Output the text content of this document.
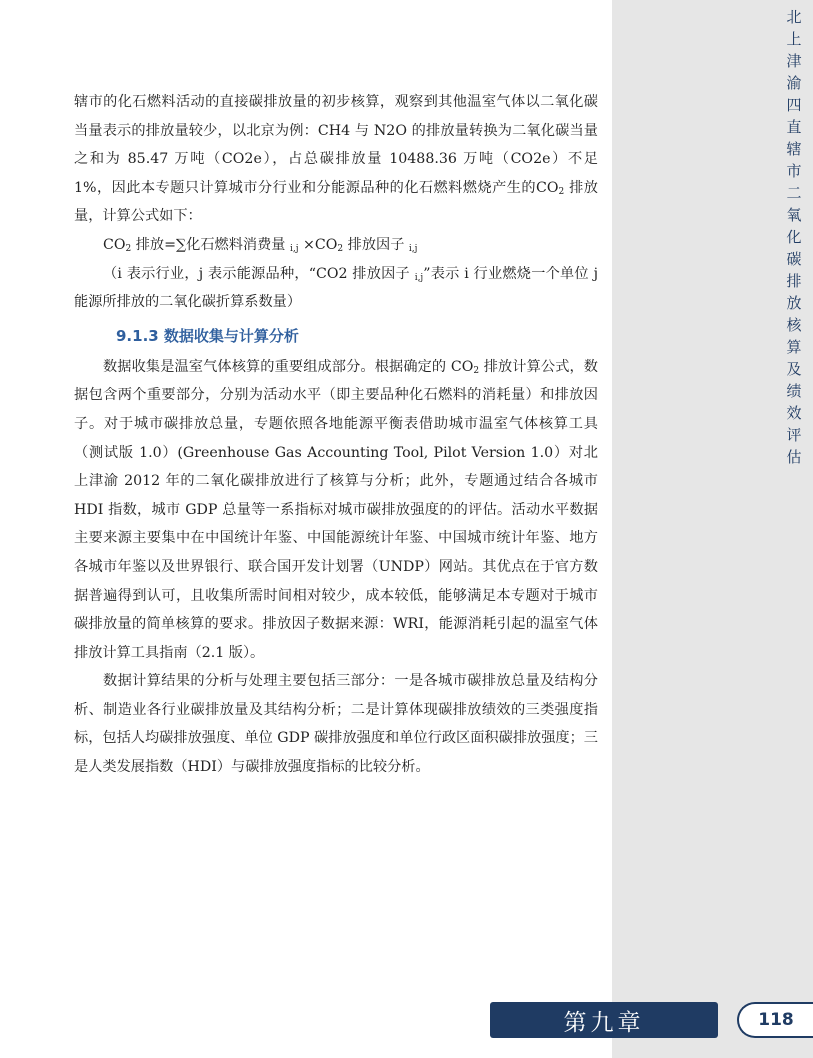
北
上
津
渝
四
直
辖
市
二
氧
化
碳
排
放
核
算
及
绩
效
评
估

辖市的化石燃料活动的直接碳排放量的初步核算，观察到其他温室气体以二氧化碳当量表示的排放量较少，以北京为例：CH4 与 N2O 的排放量转换为二氧化碳当量之和为 85.47 万吨（CO2e），占总碳排放量 10488.36 万吨（CO2e）不足 1%，因此本专题只计算城市分行业和分能源品种的化石燃料燃烧产生的$CO_2$ 排放量，计算公式如下：

$CO_2$ 排放=∑化石燃料消费量 $_{i,j} \times CO_2$ 排放因子 $_{i,j}$

（i 表示行业，j 表示能源品种，“CO2 排放因子 $_{i,j}$”表示 i 行业燃烧一个单位 j 能源所排放的二氧化碳折算系数量）

9.1.3 数据收集与计算分析

数据收集是温室气体核算的重要组成部分。根据确定的 $CO_2$ 排放计算公式，数据包含两个重要部分，分别为活动水平（即主要品种化石燃料的消耗量）和排放因子。对于城市碳排放总量，专题依照各地能源平衡表借助城市温室气体核算工具（测试版 1.0）(Greenhouse Gas Accounting Tool, Pilot Version 1.0）对北上津渝 2012 年的二氧化碳排放进行了核算与分析；此外，专题通过结合各城市 HDI 指数，城市 GDP 总量等一系指标对城市碳排放强度的的评估。活动水平数据主要来源主要集中在中国统计年鉴、中国能源统计年鉴、中国城市统计年鉴、地方各城市年鉴以及世界银行、联合国开发计划署（UNDP）网站。其优点在于官方数据普遍得到认可，且收集所需时间相对较少，成本较低，能够满足本专题对于城市碳排放量的简单核算的要求。排放因子数据来源：WRI，能源消耗引起的温室气体排放计算工具指南（2.1 版）。

数据计算结果的分析与处理主要包括三部分：一是各城市碳排放总量及结构分析、制造业各行业碳排放量及其结构分析；二是计算体现碳排放绩效的三类强度指标，包括人均碳排放强度、单位 GDP 碳排放强度和单位行政区面积碳排放强度；三是人类发展指数（HDI）与碳排放强度指标的比较分析。

第九章	118
